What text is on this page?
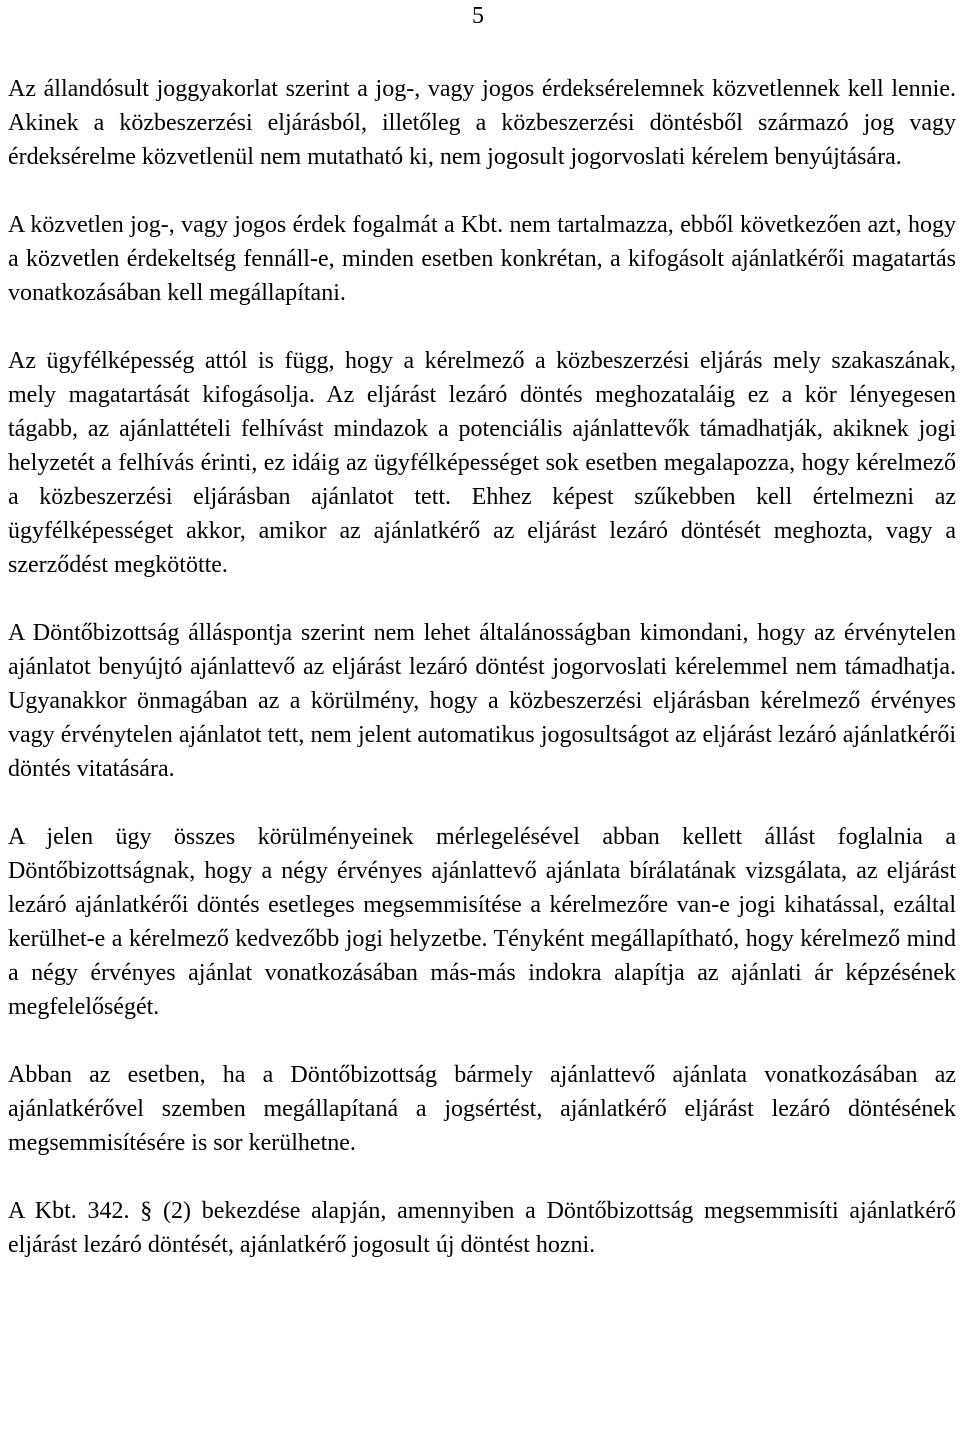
5

Az állandósult joggyakorlat szerint a jog-, vagy jogos érdeksérelemnek közvetlennek kell lennie. Akinek a közbeszerzési eljárásból, illetőleg a közbeszerzési döntésből származó jog vagy érdeksérelme közvetlenül nem mutatható ki, nem jogosult jogorvoslati kérelem benyújtására.

A közvetlen jog-, vagy jogos érdek fogalmát a Kbt. nem tartalmazza, ebből következően azt, hogy a közvetlen érdekeltség fennáll-e, minden esetben konkrétan, a kifogásolt ajánlatkérői magatartás vonatkozásában kell megállapítani.

Az ügyfélképesség attól is függ, hogy a kérelmező a közbeszerzési eljárás mely szakaszának, mely magatartását kifogásolja. Az eljárást lezáró döntés meghozataláig ez a kör lényegesen tágabb, az ajánlattételi felhívást mindazok a potenciális ajánlattevők támadhatják, akiknek jogi helyzetét a felhívás érinti, ez idáig az ügyfélképességet sok esetben megalapozza, hogy kérelmező a közbeszerzési eljárásban ajánlatot tett. Ehhez képest szűkebben kell értelmezni az ügyfélképességet akkor, amikor az ajánlatkérő az eljárást lezáró döntését meghozta, vagy a szerződést megkötötte.

A Döntőbizottság álláspontja szerint nem lehet általánosságban kimondani, hogy az érvénytelen ajánlatot benyújtó ajánlattevő az eljárást lezáró döntést jogorvoslati kérelemmel nem támadhatja. Ugyanakkor önmagában az a körülmény, hogy a közbeszerzési eljárásban kérelmező érvényes vagy érvénytelen ajánlatot tett, nem jelent automatikus jogosultságot az eljárást lezáró ajánlatkérői döntés vitatására.

A jelen ügy összes körülményeinek mérlegelésével abban kellett állást foglalnia a Döntőbizottságnak, hogy a négy érvényes ajánlattevő ajánlata bírálatának vizsgálata, az eljárást lezáró ajánlatkérői döntés esetleges megsemmisítése a kérelmezőre van-e jogi kihatással, ezáltal kerülhet-e a kérelmező kedvezőbb jogi helyzetbe. Tényként megállapítható, hogy kérelmező mind a négy érvényes ajánlat vonatkozásában más-más indokra alapítja az ajánlati ár képzésének megfelelőségét.

Abban az esetben, ha a Döntőbizottság bármely ajánlattevő ajánlata vonatkozásában az ajánlatkérővel szemben megállapítaná a jogsértést, ajánlatkérő eljárást lezáró döntésének megsemmisítésére is sor kerülhetne.

A Kbt. 342. § (2) bekezdése alapján, amennyiben a Döntőbizottság megsemmisíti ajánlatkérő eljárást lezáró döntését, ajánlatkérő jogosult új döntést hozni.
